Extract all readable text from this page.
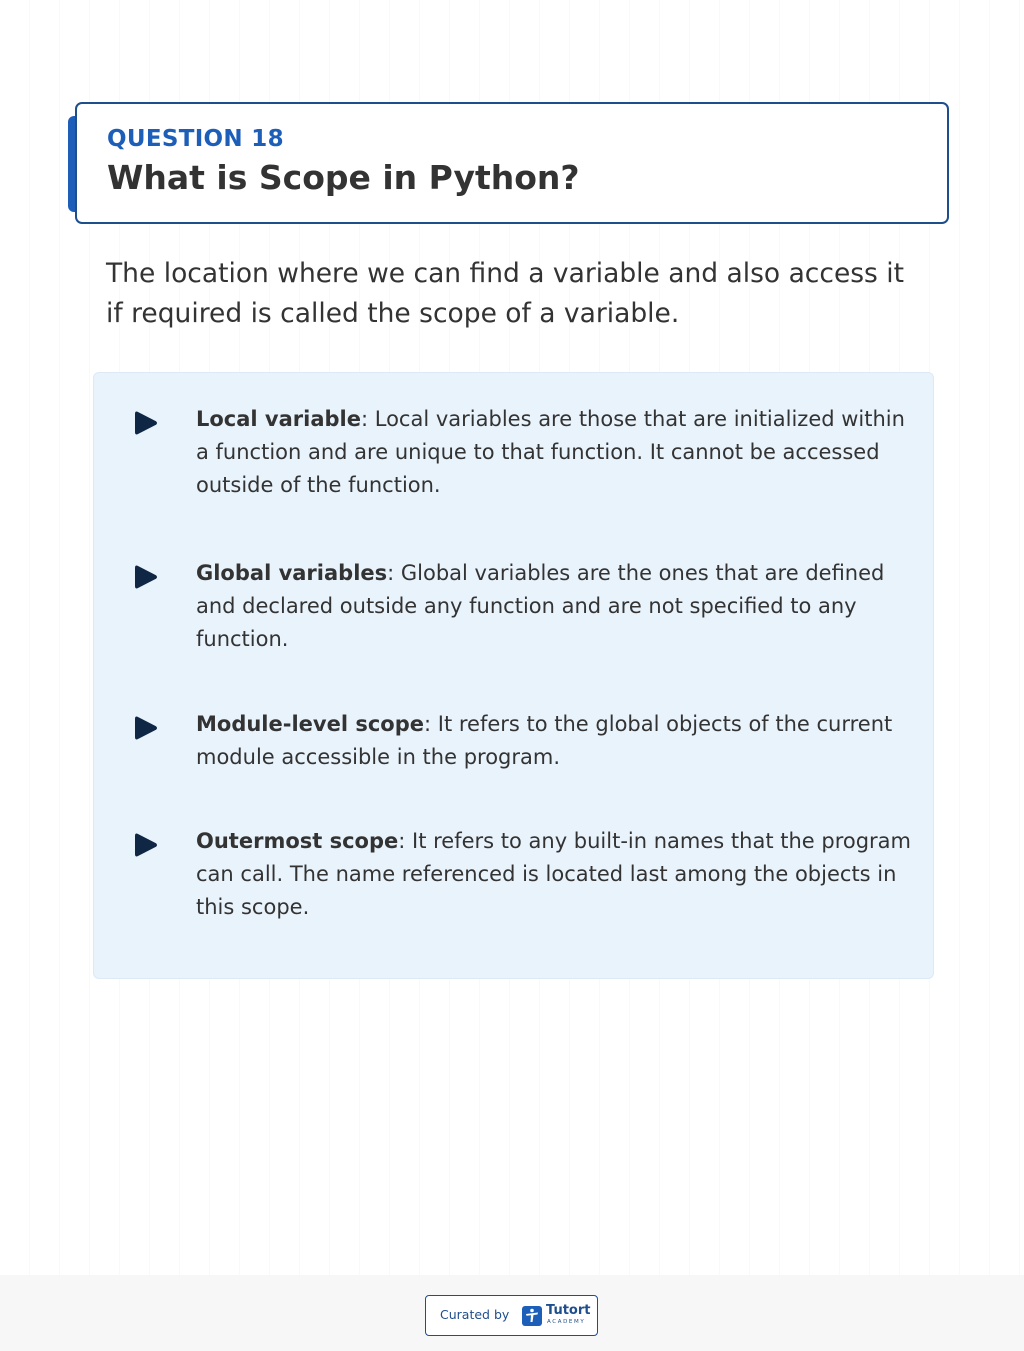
QUESTION 18
What is Scope in Python?
The location where we can find a variable and also access it if required is called the scope of a variable.
Local variable: Local variables are those that are initialized within a function and are unique to that function. It cannot be accessed outside of the function.
Global variables: Global variables are the ones that are defined and declared outside any function and are not specified to any function.
Module-level scope: It refers to the global objects of the current module accessible in the program.
Outermost scope: It refers to any built-in names that the program can call. The name referenced is located last among the objects in this scope.
Curated by	Tutort
ACADEMY
